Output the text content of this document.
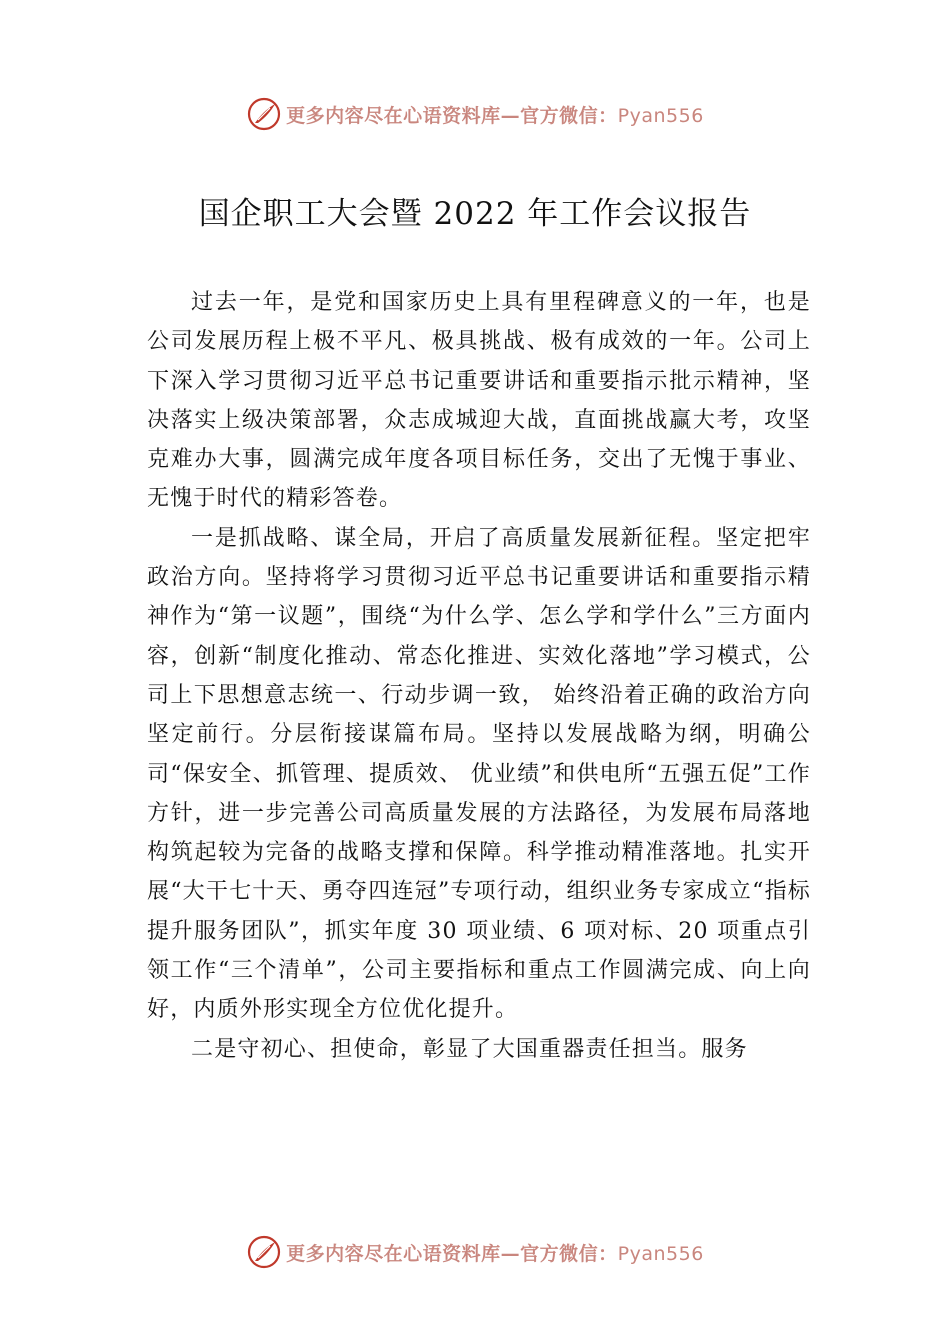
更多内容尽在心语资料库—官方微信：Pyan556
国企职工大会暨 2022 年工作会议报告

过去一年，是党和国家历史上具有里程碑意义的一年，也是公司发展历程上极不平凡、极具挑战、极有成效的一年。公司上下深入学习贯彻习近平总书记重要讲话和重要指示批示精神，坚决落实上级决策部署，众志成城迎大战，直面挑战赢大考，攻坚克难办大事，圆满完成年度各项目标任务，交出了无愧于事业、无愧于时代的精彩答卷。

一是抓战略、谋全局，开启了高质量发展新征程。坚定把牢政治方向。坚持将学习贯彻习近平总书记重要讲话和重要指示精神作为“第一议题”，围绕“为什么学、怎么学和学什么”三方面内容，创新“制度化推动、常态化推进、实效化落地”学习模式，公司上下思想意志统一、行动步调一致， 始终沿着正确的政治方向坚定前行。分层衔接谋篇布局。坚持以发展战略为纲，明确公司“保安全、抓管理、提质效、 优业绩”和供电所“五强五促”工作方针，进一步完善公司高质量发展的方法路径，为发展布局落地构筑起较为完备的战略支撑和保障。科学推动精准落地。扎实开展“大干七十天、勇夺四连冠”专项行动，组织业务专家成立“指标提升服务团队”，抓实年度 30 项业绩、6 项对标、20 项重点引领工作“三个清单”，公司主要指标和重点工作圆满完成、向上向好，内质外形实现全方位优化提升。

二是守初心、担使命，彰显了大国重器责任担当。服务

更多内容尽在心语资料库—官方微信：Pyan556
